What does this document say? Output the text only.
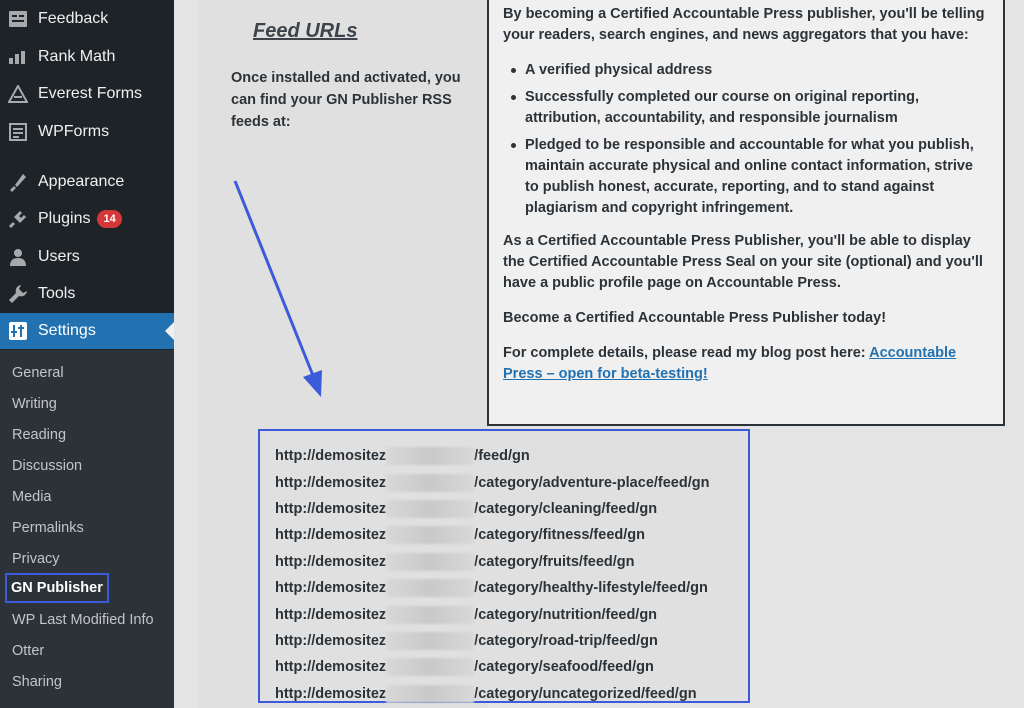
Feedback
Rank Math
Everest Forms
WPForms
Appearance
Plugins	14
Users
Tools
Settings
General
Writing
Reading
Discussion
Media
Permalinks
Privacy
GN Publisher
WP Last Modified Info
Otter
Sharing
Feed URLs
Once installed and activated, you can find your GN Publisher RSS feeds at:

By becoming a Certified Accountable Press publisher, you'll be telling your readers, search engines, and news aggregators that you have:

A verified physical address
Successfully completed our course on original reporting, attribution, accountability, and responsible journalism
Pledged to be responsible and accountable for what you publish, maintain accurate physical and online contact information, strive to publish honest, accurate, reporting, and to stand against plagiarism and copyright infringement.

As a Certified Accountable Press Publisher, you'll be able to display the Certified Accountable Press Seal on your site (optional) and you'll have a public profile page on Accountable Press.

Become a Certified Accountable Press Publisher today!

For complete details, please read my blog post here: Accountable Press – open for beta-testing!

http://demositez	/feed/gn
http://demositez	/category/adventure-place/feed/gn
http://demositez	/category/cleaning/feed/gn
http://demositez	/category/fitness/feed/gn
http://demositez	/category/fruits/feed/gn
http://demositez	/category/healthy-lifestyle/feed/gn
http://demositez	/category/nutrition/feed/gn
http://demositez	/category/road-trip/feed/gn
http://demositez	/category/seafood/feed/gn
http://demositez	/category/uncategorized/feed/gn
